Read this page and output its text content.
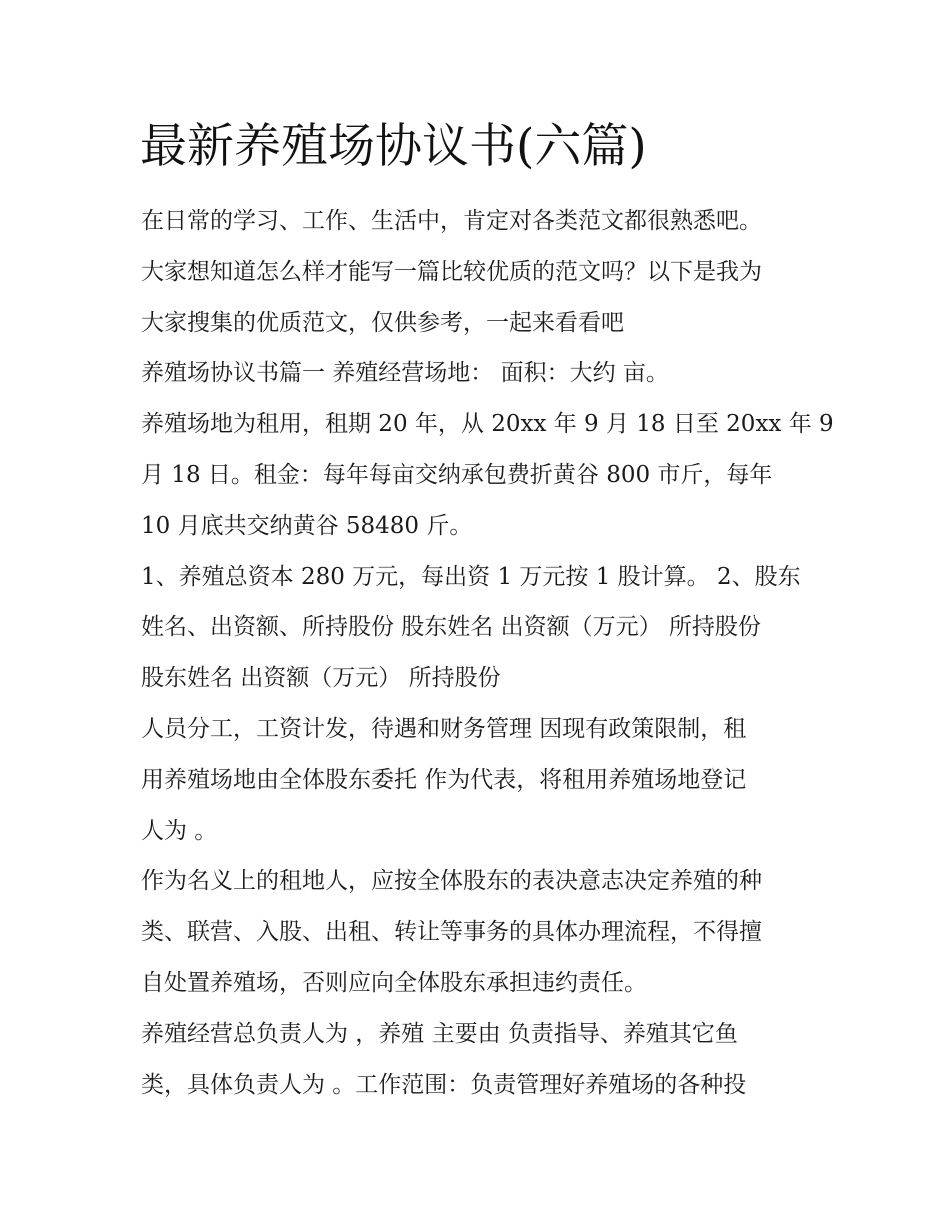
最新养殖场协议书(六篇)

在日常的学习、工作、生活中，肯定对各类范文都很熟悉吧。
大家想知道怎么样才能写一篇比较优质的范文吗？以下是我为
大家搜集的优质范文，仅供参考，一起来看看吧

养殖场协议书篇一 养殖经营场地： 面积：大约 亩。

养殖场地为租用，租期 20 年，从 20xx 年 9 月 18 日至 20xx 年 9
月 18 日。租金：每年每亩交纳承包费折黄谷 800 市斤，每年
10 月底共交纳黄谷 58480 斤。

1、养殖总资本 280 万元，每出资 1 万元按 1 股计算。 2、股东
姓名、出资额、所持股份 股东姓名 出资额（万元） 所持股份
股东姓名 出资额（万元） 所持股份

人员分工，工资计发，待遇和财务管理 因现有政策限制，租
用养殖场地由全体股东委托 作为代表，将租用养殖场地登记
人为 。

作为名义上的租地人，应按全体股东的表决意志决定养殖的种
类、联营、入股、出租、转让等事务的具体办理流程，不得擅
自处置养殖场，否则应向全体股东承担违约责任。

养殖经营总负责人为 ，养殖 主要由 负责指导、养殖其它鱼
类，具体负责人为 。工作范围：负责管理好养殖场的各种投
